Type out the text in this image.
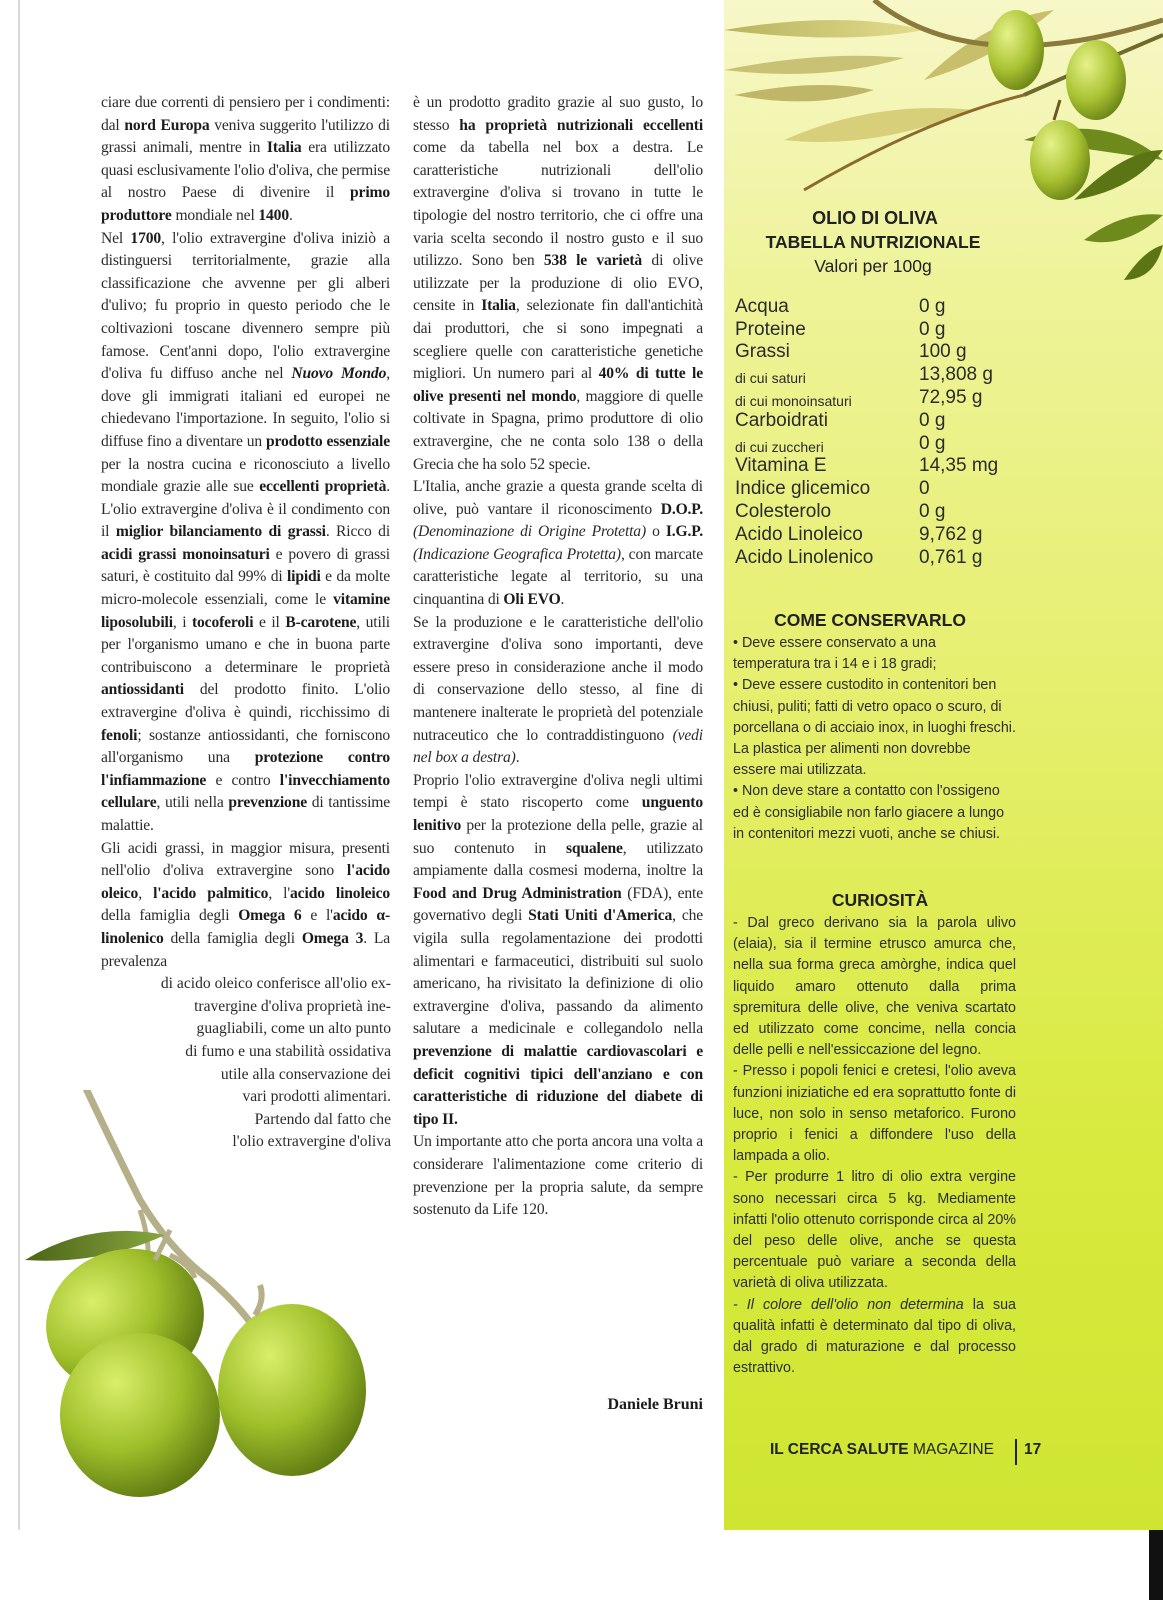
ciare due correnti di pensiero per i condimenti: dal nord Europa veniva suggerito l'utilizzo di grassi animali, mentre in Italia era utilizzato quasi esclusivamente l'olio d'oliva, che permise al nostro Paese di divenire il primo produttore mondiale nel 1400.

Nel 1700, l'olio extravergine d'oliva iniziò a distinguersi territorialmente, grazie alla classificazione che avvenne per gli alberi d'ulivo; fu proprio in questo periodo che le coltivazioni toscane divennero sempre più famose. Cent'anni dopo, l'olio extravergine d'oliva fu diffuso anche nel Nuovo Mondo, dove gli immigrati italiani ed europei ne chiedevano l'importazione. In seguito, l'olio si diffuse fino a diventare un prodotto essenziale per la nostra cucina e riconosciuto a livello mondiale grazie alle sue eccellenti proprietà. L'olio extravergine d'oliva è il condimento con il miglior bilanciamento di grassi. Ricco di acidi grassi monoinsaturi e povero di grassi saturi, è costituito dal 99% di lipidi e da molte micro-molecole essenziali, come le vitamine liposolubili, i tocoferoli e il B-carotene, utili per l'organismo umano e che in buona parte contribuiscono a determinare le proprietà antiossidanti del prodotto finito. L'olio extravergine d'oliva è quindi, ricchissimo di fenoli; sostanze antiossidanti, che forniscono all'organismo una protezione contro l'infiammazione e contro l'invecchiamento cellulare, utili nella prevenzione di tantissime malattie.

Gli acidi grassi, in maggior misura, presenti nell'olio d'oliva extravergine sono l'acido oleico, l'acido palmitico, l'acido linoleico della famiglia degli Omega 6 e l'acido α-linolenico della famiglia degli Omega 3. La prevalenza

di acido oleico conferisce all'olio ex-
travergine d'oliva proprietà ine-
guagliabili, come un alto punto
di fumo e una stabilità ossidativa
utile alla conservazione dei
vari prodotti alimentari.
Partendo dal fatto che
l'olio extravergine d'oliva

è un prodotto gradito grazie al suo gusto, lo stesso ha proprietà nutrizionali eccellenti come da tabella nel box a destra. Le caratteristiche nutrizionali dell'olio extravergine d'oliva si trovano in tutte le tipologie del nostro territorio, che ci offre una varia scelta secondo il nostro gusto e il suo utilizzo. Sono ben 538 le varietà di olive utilizzate per la produzione di olio EVO, censite in Italia, selezionate fin dall'antichità dai produttori, che si sono impegnati a scegliere quelle con caratteristiche genetiche migliori. Un numero pari al 40% di tutte le olive presenti nel mondo, maggiore di quelle coltivate in Spagna, primo produttore di olio extravergine, che ne conta solo 138 o della Grecia che ha solo 52 specie.

L'Italia, anche grazie a questa grande scelta di olive, può vantare il riconoscimento D.O.P. (Denominazione di Origine Protetta) o I.G.P. (Indicazione Geografica Protetta), con marcate caratteristiche legate al territorio, su una cinquantina di Oli EVO.

Se la produzione e le caratteristiche dell'olio extravergine d'oliva sono importanti, deve essere preso in considerazione anche il modo di conservazione dello stesso, al fine di mantenere inalterate le proprietà del potenziale nutraceutico che lo contraddistinguono (vedi nel box a destra).

Proprio l'olio extravergine d'oliva negli ultimi tempi è stato riscoperto come unguento lenitivo per la protezione della pelle, grazie al suo contenuto in squalene, utilizzato ampiamente dalla cosmesi moderna, inoltre la Food and Drug Administration (FDA), ente governativo degli Stati Uniti d'America, che vigila sulla regolamentazione dei prodotti alimentari e farmaceutici, distribuiti sul suolo americano, ha rivisitato la definizione di olio extravergine d'oliva, passando da alimento salutare a medicinale e collegandolo nella prevenzione di malattie cardiovascolari e deficit cognitivi tipici dell'anziano e con caratteristiche di riduzione del diabete di tipo II.

Un importante atto che porta ancora una volta a considerare l'alimentazione come criterio di prevenzione per la propria salute, da sempre sostenuto da Life 120.

Daniele Bruni
OLIO DI OLIVA
TABELLA NUTRIZIONALE
Valori per 100g
Acqua	0 g
Proteine	0 g
Grassi	100 g
di cui saturi	13,808 g
di cui monoinsaturi	72,95 g
Carboidrati	0 g
di cui zuccheri	0 g
Vitamina E	14,35 mg
Indice glicemico	0
Colesterolo	0 g
Acido Linoleico	9,762 g
Acido Linolenico 0,761 g
COME CONSERVARLO

• Deve essere conservato a una temperatura tra i 14 e i 18 gradi;

• Deve essere custodito in contenitori ben chiusi, puliti; fatti di vetro opaco o scuro, di porcellana o di acciaio inox, in luoghi freschi. La plastica per alimenti non dovrebbe essere mai utilizzata.

• Non deve stare a contatto con l'ossigeno ed è consigliabile non farlo giacere a lungo in contenitori mezzi vuoti, anche se chiusi.

CURIOSITÀ

- Dal greco derivano sia la parola ulivo (elaia), sia il termine etrusco amurca che, nella sua forma greca amòrghe, indica quel liquido amaro ottenuto dalla prima spremitura delle olive, che veniva scartato ed utilizzato come concime, nella concia delle pelli e nell'essiccazione del legno.

- Presso i popoli fenici e cretesi, l'olio aveva funzioni iniziatiche ed era soprattutto fonte di luce, non solo in senso metaforico. Furono proprio i fenici a diffondere l'uso della lampada a olio.

- Per produrre 1 litro di olio extra vergine sono necessari circa 5 kg. Mediamente infatti l'olio ottenuto corrisponde circa al 20% del peso delle olive, anche se questa percentuale può variare a seconda della varietà di oliva utilizzata.

- Il colore dell'olio non determina la sua qualità infatti è determinato dal tipo di oliva, dal grado di maturazione e dal processo estrattivo.

IL CERCA SALUTE MAGAZINE 17
